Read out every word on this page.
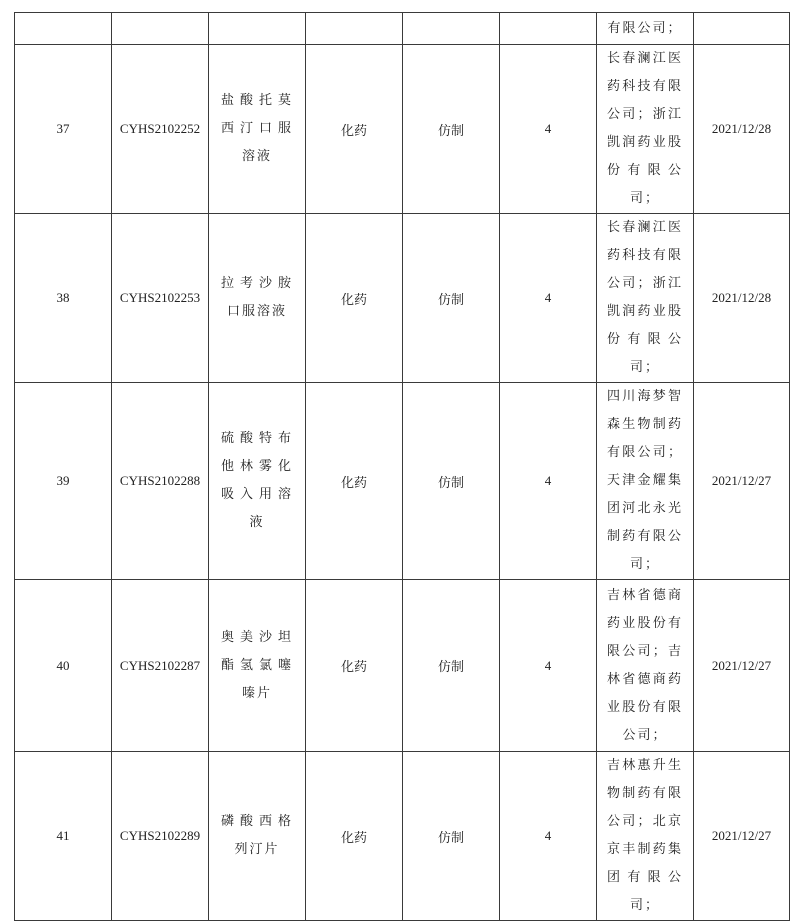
						有限公司；	

37	CYHS2102252	盐酸托莫西汀口服溶液	化药	仿制	4	长春澜江医药科技有限公司；浙江凯润药业股份有限公司；	2021/12/28
38	CYHS2102253	拉考沙胺口服溶液	化药	仿制	4	长春澜江医药科技有限公司；浙江凯润药业股份有限公司；	2021/12/28
39	CYHS2102288	硫酸特布他林雾化吸入用溶液	化药	仿制	4	四川海梦智森生物制药有限公司；天津金耀集团河北永光制药有限公司；	2021/12/27
40	CYHS2102287	奥美沙坦酯氢氯噻嗪片	化药	仿制	4	吉林省德商药业股份有限公司；吉林省德商药业股份有限公司；	2021/12/27
41	CYHS2102289	磷酸西格列汀片	化药	仿制	4	吉林惠升生物制药有限公司；北京京丰制药集团有限公司；	2021/12/27
